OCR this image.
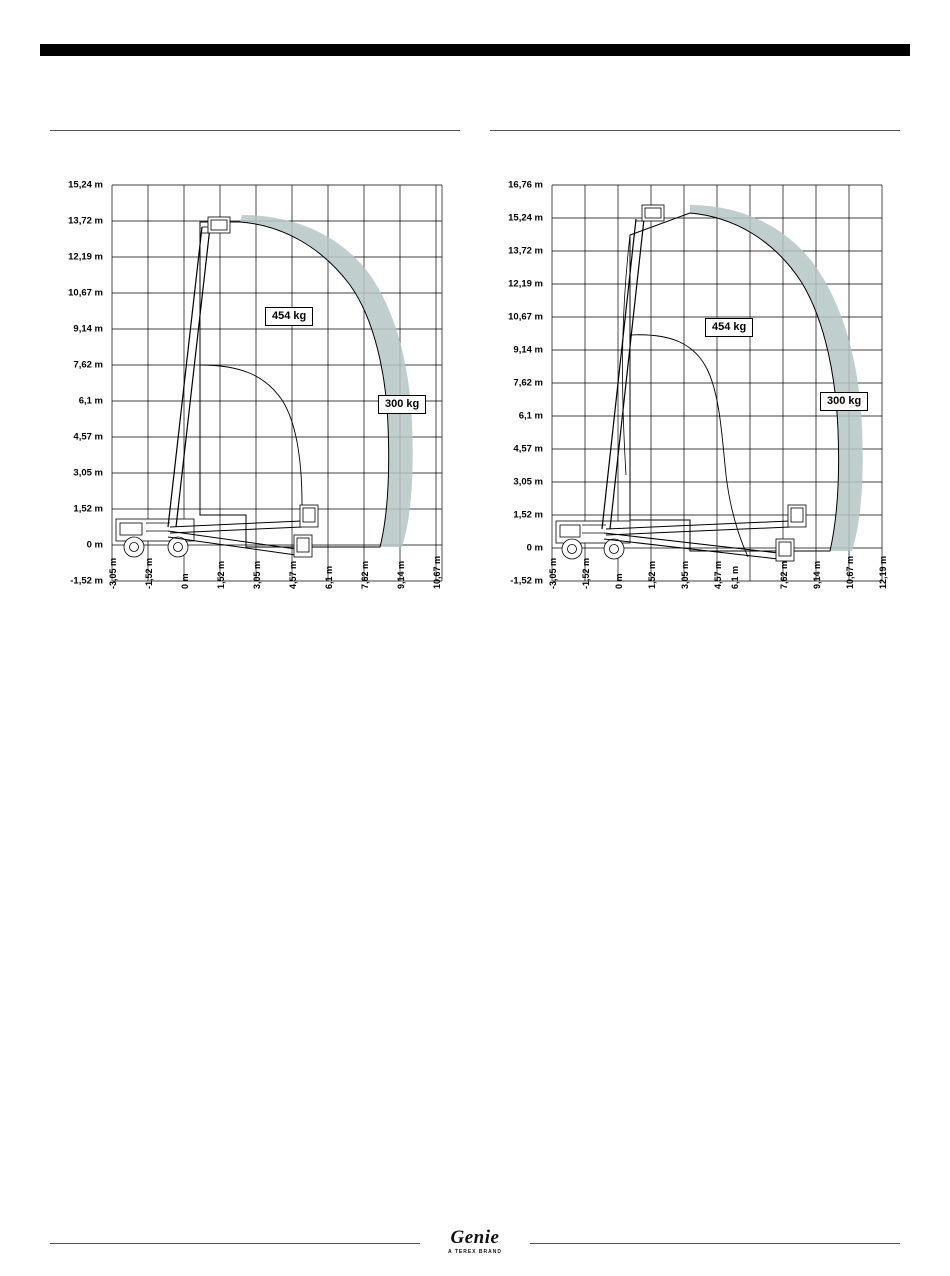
15,24 m
13,72 m
12,19 m
10,67 m
9,14 m
7,62 m
6,1 m
4,57 m
3,05 m
1,52 m
0 m
-1,52 m -3,05 m	-1,52 m	0 m	1,52 m	3,05 m	4,57 m	6,1 m	7,62 m	9,14 m	10,67 m
454 kg
300 kg
16,76 m
15,24 m
13,72 m
12,19 m
10,67 m
9,14 m
7,62 m
6,1 m
4,57 m
3,05 m
1,52 m
0 m
-1,52 m -3,05 m	-1,52 m	0 m	1,52 m	3,05 m	4,57 m 6,1 m	7,62 m	9,14 m	10,67 m	12,19 m
454 kg
300 kg
Genie
A TEREX BRAND
